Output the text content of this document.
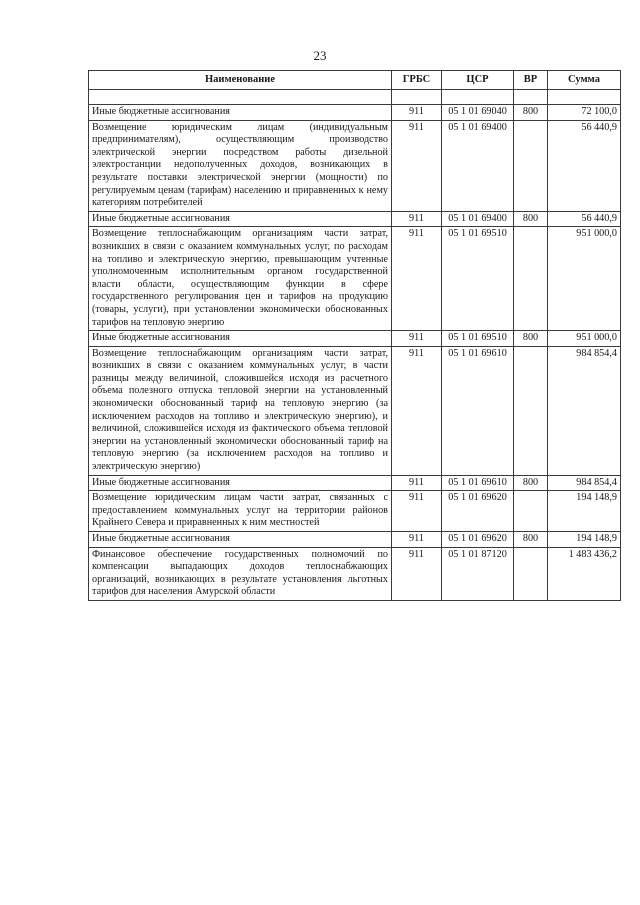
23
Наименование	ГРБС	ЦСР	ВР	Сумма

Иные бюджетные ассигнования	911	05 1 01 69040	800	72 100,0
Возмещение юридическим лицам (индивидуальным предпринимателям), осуществляющим производство электрической энергии посредством работы дизельной электростанции недополученных доходов, возникающих в результате поставки электрической энергии (мощности) по регулируемым ценам (тарифам) населению и приравненных к нему категориям потребителей	911	05 1 01 69400		56 440,9
Иные бюджетные ассигнования	911	05 1 01 69400	800	56 440,9
Возмещение теплоснабжающим организациям части затрат, возникших в связи с оказанием коммунальных услуг, по расходам на топливо и электрическую энергию, превышающим учтенные уполномоченным исполнительным органом государственной власти области, осуществляющим функции в сфере государственного регулирования цен и тарифов на продукцию (товары, услуги), при установлении экономически обоснованных тарифов на тепловую энергию	911	05 1 01 69510		951 000,0
Иные бюджетные ассигнования	911	05 1 01 69510	800	951 000,0
Возмещение теплоснабжающим организациям части затрат, возникших в связи с оказанием коммунальных услуг, в части разницы между величиной, сложившейся исходя из расчетного объема полезного отпуска тепловой энергии на установленный экономически обоснованный тариф на тепловую энергию (за исключением расходов на топливо и электрическую энергию), и величиной, сложившейся исходя из фактического объема тепловой энергии на установленный экономически обоснованный тариф на тепловую энергию (за исключением расходов на топливо и электрическую энергию)	911	05 1 01 69610		984 854,4
Иные бюджетные ассигнования	911	05 1 01 69610	800	984 854,4
Возмещение юридическим лицам части затрат, связанных с предоставлением коммунальных услуг на территории районов Крайнего Севера и приравненных к ним местностей	911	05 1 01 69620		194 148,9
Иные бюджетные ассигнования	911	05 1 01 69620	800	194 148,9
Финансовое обеспечение государственных полномочий по компенсации выпадающих доходов теплоснабжающих организаций, возникающих в результате установления льготных тарифов для населения Амурской области	911	05 1 01 87120		1 483 436,2
